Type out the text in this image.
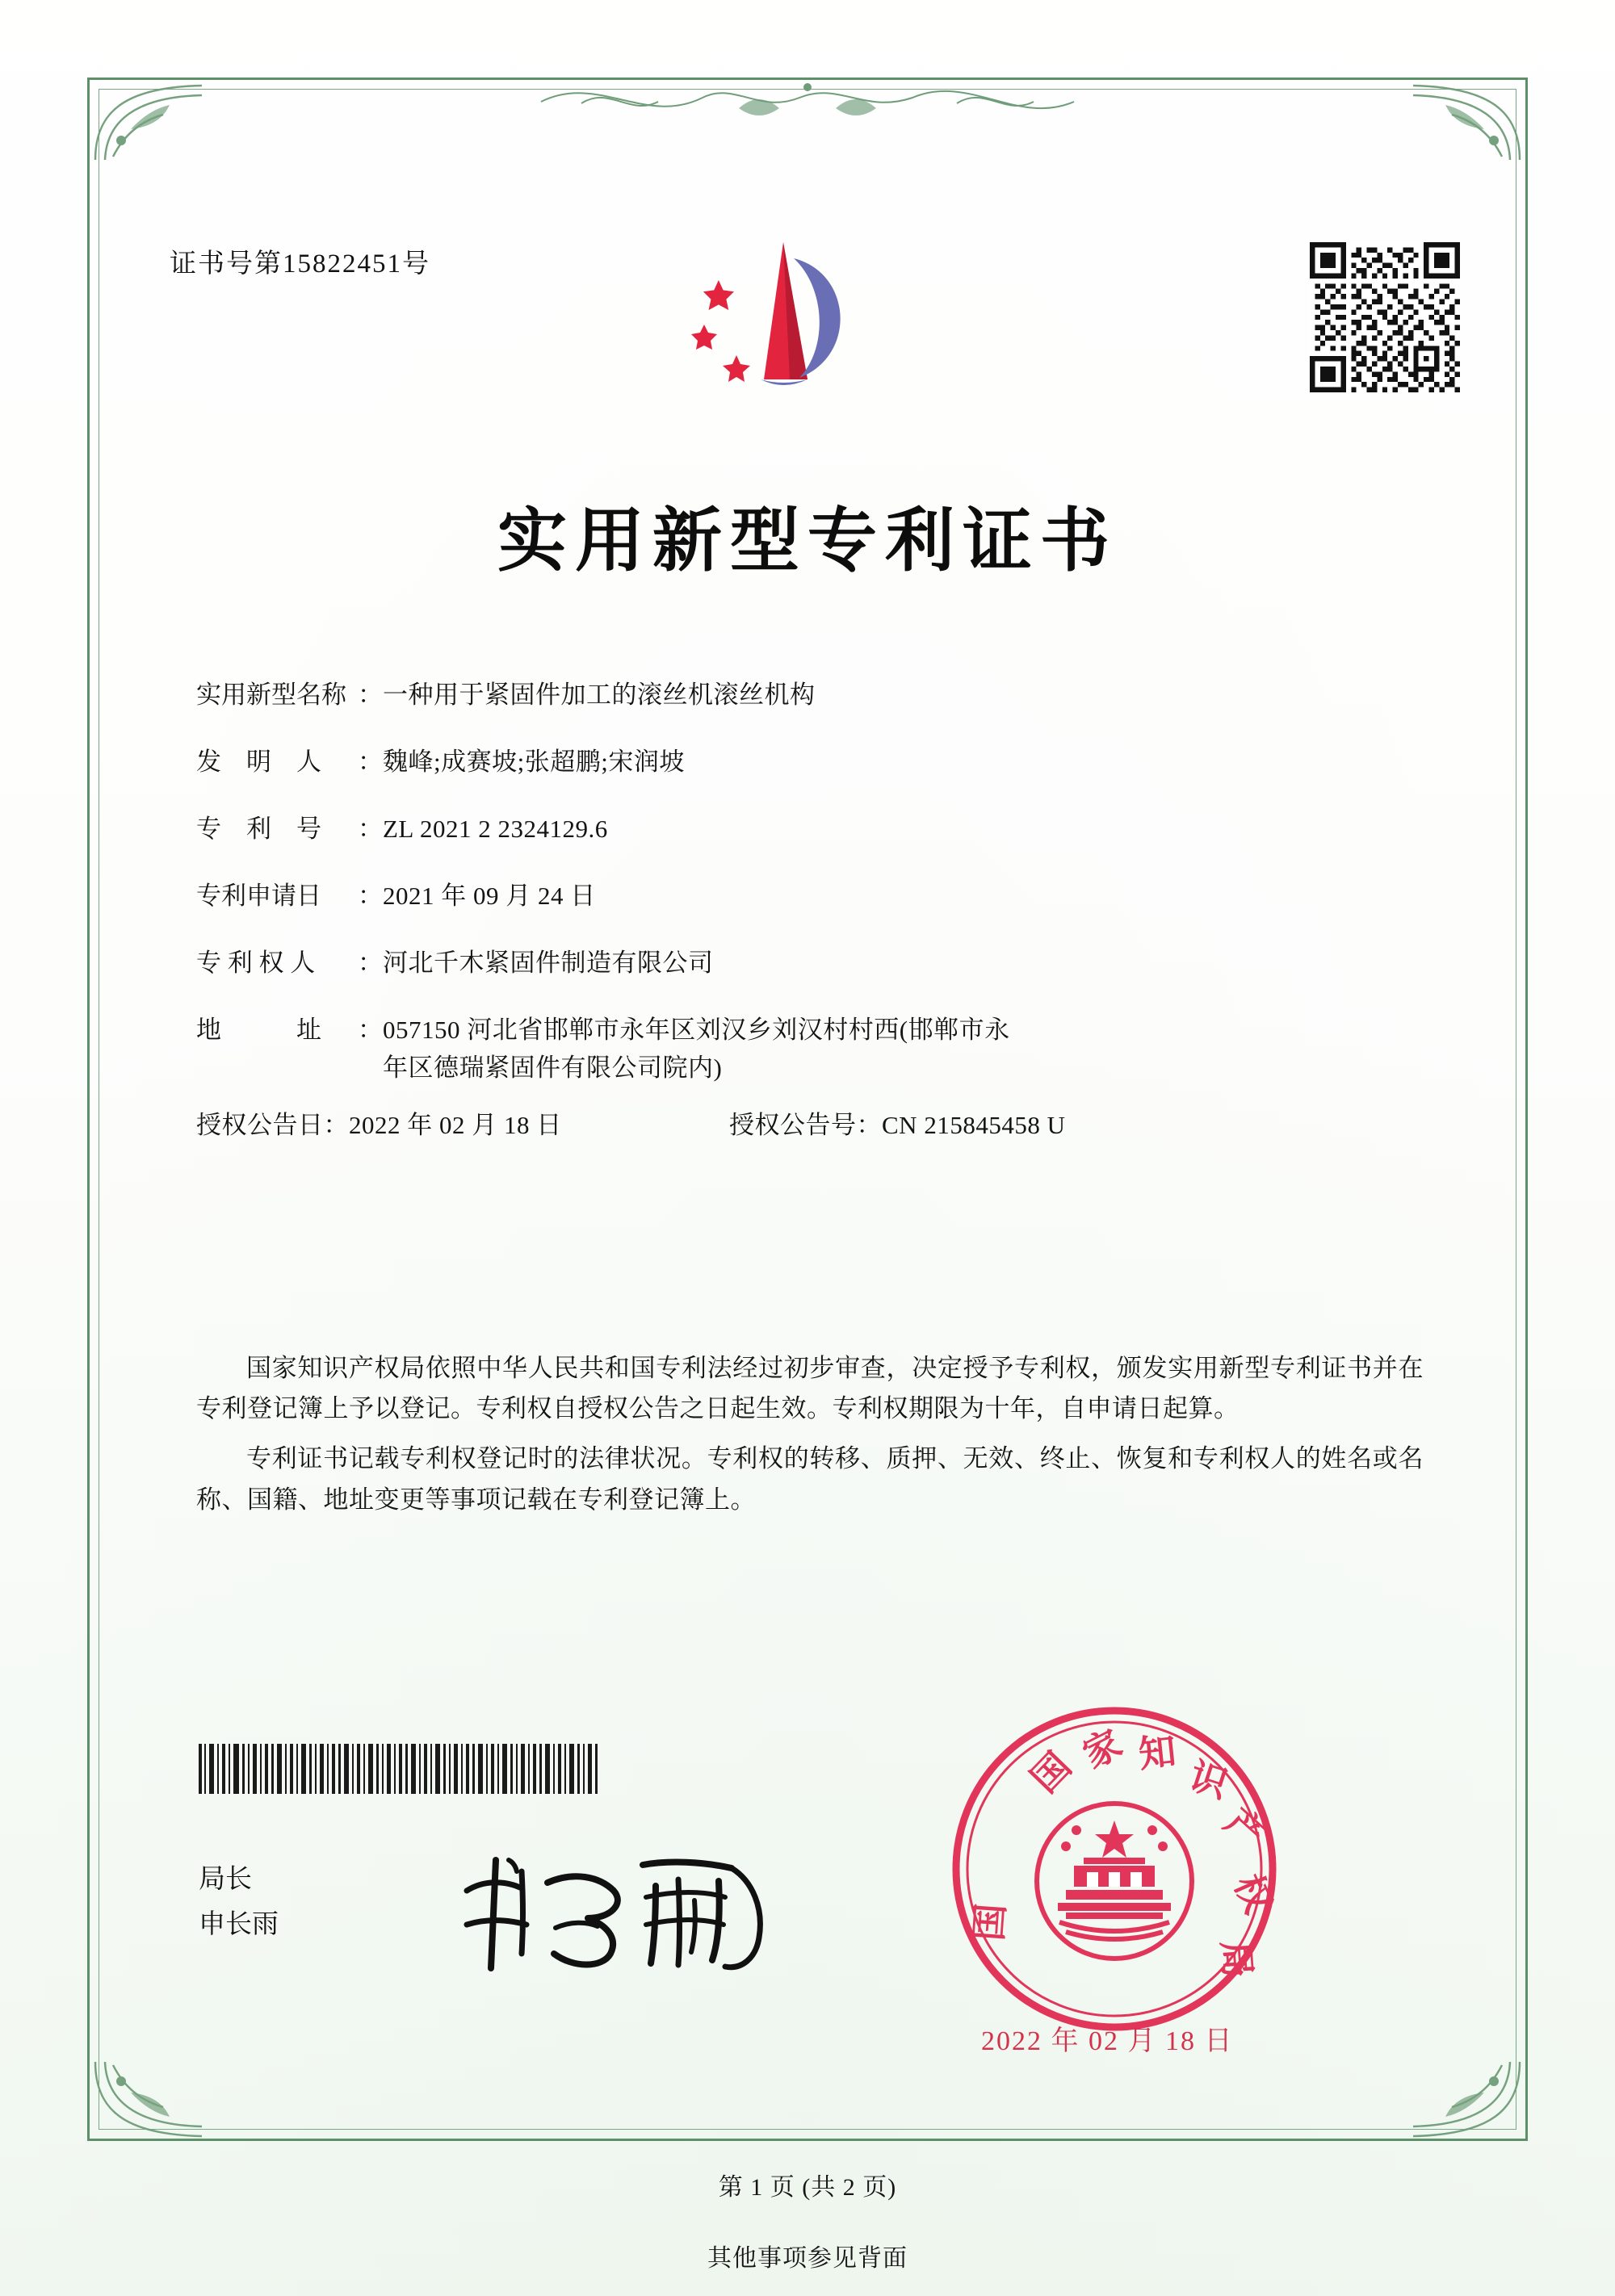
证书号第15822451号
实用新型专利证书
实用新型名称 ： 一种用于紧固件加工的滚丝机滚丝机构
发　明　人	： 魏峰;成赛坡;张超鹏;宋润坡
专　利　号	： ZL 2021 2 2324129.6
专利申请日	： 2021 年 09 月 24 日
专 利 权 人	： 河北千木紧固件制造有限公司
地　　　址	： 057150 河北省邯郸市永年区刘汉乡刘汉村村西(邯郸市永
年区德瑞紧固件有限公司院内)
授权公告日：2022 年 02 月 18 日	授权公告号：CN 215845458 U

国家知识产权局依照中华人民共和国专利法经过初步审查，决定授予专利权，颁发实用新型专利证书并在专利登记簿上予以登记。专利权自授权公告之日起生效。专利权期限为十年，自申请日起算。

专利证书记载专利权登记时的法律状况。专利权的转移、质押、无效、终止、恢复和专利权人的姓名或名称、国籍、地址变更等事项记载在专利登记簿上。

局长
申长雨
国
家 知
识
产
权
局
国
2022 年 02 月 18 日
第 1 页 (共 2 页)
其他事项参见背面
